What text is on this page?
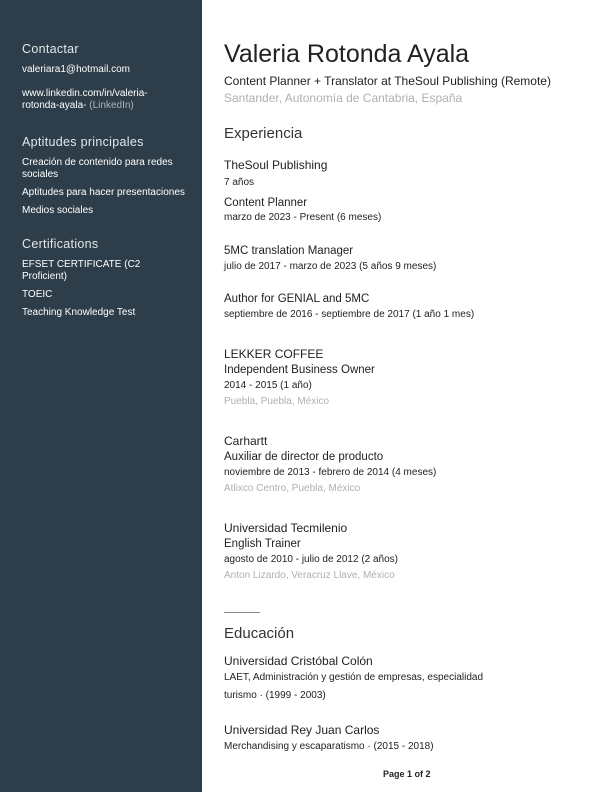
Contactar
valeriara1@hotmail.com
www.linkedin.com/in/valeria-rotonda-ayala- (LinkedIn)
Aptitudes principales
Creación de contenido para redes sociales
Aptitudes para hacer presentaciones
Medios sociales
Certifications
EFSET CERTIFICATE (C2 Proficient)
TOEIC
Teaching Knowledge Test
Valeria Rotonda Ayala
Content Planner + Translator at TheSoul Publishing (Remote)
Santander, Autonomía de Cantabria, España
Experiencia
TheSoul Publishing
7 años
Content Planner
marzo de 2023 - Present (6 meses)
5MC translation Manager
julio de 2017 - marzo de 2023 (5 años 9 meses)
Author for GENIAL and 5MC
septiembre de 2016 - septiembre de 2017 (1 año 1 mes)
LEKKER COFFEE
Independent Business Owner
2014 - 2015 (1 año)
Puebla, Puebla, México
Carhartt
Auxiliar de director de producto
noviembre de 2013 - febrero de 2014 (4 meses)
Atlixco Centro, Puebla, México
Universidad Tecmilenio
English Trainer
agosto de 2010 - julio de 2012 (2 años)
Anton Lizardo, Veracruz Llave, México
Educación
Universidad Cristóbal Colón
LAET, Administración y gestión de empresas, especialidad
turismo · (1999 - 2003)
Universidad Rey Juan Carlos
Merchandising y escaparatismo · (2015 - 2018)
Page 1 of 2
